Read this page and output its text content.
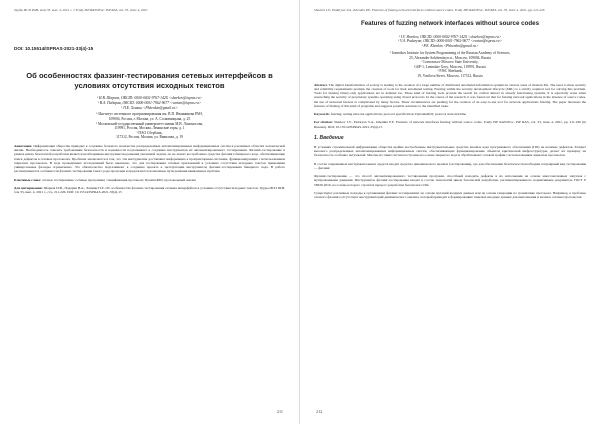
Труды ИСП РАН, том 33, вып. 4, 2021 г. // Trudy ISP RAN/Proc. ISP RAS, vol. 33, issue 4, 2021
DOI: 10.15514/ISPRAS-2021-33(4)-15
Об особенностях фаззинг-тестирования сетевых интерфейсов в условиях отсутствия исходных текстов
¹ И.В. Шарков, ORCID: 0000-0002-9767-142X <sharkov@ispras.ru>
¹ В.А. Падарян, ORCID: 0000-0001-7962-9677 <vartan@ispras.ru>
¹ П.Е. Хенкин <Phhenkin@gmail.ru>
¹ Институт системного программирования им. В.П. Иванникова РАН,
109004, Россия, г. Москва, ул. А. Солженицына, д. 25
² Московский государственный университет имени М.В. Ломоносова,
119991, Россия, Москва, Ленинские горы, д. 1
³ ПАО Сбербанк,
117312, Россия, Москва, ул. Вавилова, д. 19
Аннотация. Цифровизация общества приводит к созданию большого количества распределенных автоматизированных информационных систем в различных областях человеческой жизни. Необходимость отвечать требованиям безопасности и надежности подталкивает к созданию инструментов их автоматизированного тестирования. Фаззинг-тестирование в рамках цикла безопасной разработки является необходимым инструментом решения указанной задачи, но не может востребовано средства фаззинга бинарного кода, обеспечивающие поиск дефектов в сетевых протоколах. Проблема заключается в том, что эти инструменты доставляют информацию к проприетарным системам, функционирующих с использованием закрытых протоколов. В ходе проведённых исследований было выяснено, что для тестирования сетевых приложений в условиях отсутствия исходных текстов применимы универсальные фаззеры ограниченно. Это обязательство подталкивает к созданию проекта к эксплуатации инструментов фаззинг-тестирования бинарного кода. В работе рассматриваются особенности фаззинг-тестирования такого рода программ и предлагаются возможные пути решения выявленных проблем.
Ключевые слова: сетевое тестирование; сетевые программы; спецификация протокола; DynamoRIO; протокольный анализ
Для цитирования: Шарков И.В., Падарян В.А., Хенкин П.Е. Об особенностях фаззинг-тестирования сетевых интерфейсов в условиях отсутствия исходных текстов. Труды ИСП РАН, том 33, вып. 4, 2021 г., стр. 211-226. DOI: 10.15514/ISPRAS-2021-33(4)-15
211
Sharkov I.V., Padaryan V.A., Khenkin P.E. Features of fuzzing network interfaces without source codes. Trudy ISP RAN/Proc. ISP RAS, vol. 33, issue 4, 2021, pp. 211-226
Features of fuzzing network interfaces without source codes
¹ I.V. Sharkov, ORCID: 0000-0002-9767-142X <sharkov@ispras.ru>
¹ V.A. Padaryan, ORCID: 0000-0001-7962-9677 <vartan@ispras.ru>
¹ P.E. Khenkin <Phhenkin@gmail.ru>
¹ Ivannikov Institute for System Programming of the Russian Academy of Sciences,
25, Alexander Solzhenitsyn st., Moscow, 109004, Russia
² Lomonosov Moscow State University,
GSP-1, Leninskie Gory, Moscow, 119991, Russia
³ PJSC Sberbank,
19, Vavilova Street, Moscow, 117312, Russia
Abstract. The digital transformation of society is leading to the creation of a large number of distributed automated information systems in various areas of modern life. The need to meet security and reliability requirements prompts the creation of tools for their automated testing. Fuzzing within the security development lifecycle (SDL) is a strictly required tool for solving this problem. Tools for fuzzing binary-only applications are in demand too. These kind of fuzzing tools provide the search for critical defects in already functioning systems. It is especially acute when researching the security of proprietary systems operating using closed protocols. In the course of the research, it was found out that for fuzzing network applications in the absence of source codes, the use of universal fuzzers is complicated by many factors. These circumstances are pushing for the creation of an easy-to-use tool for network applications fuzzing. The paper discusses the features of fuzzing of this kind of programs and suggests possible solutions to the identified tasks.
Keywords: fuzzing; testing network applications; protocol specification; DynamoRIO; protocol state machine
For citation: Sharkov I.V., Padaryan V.A., Khenkin P.E. Features of network interfaces fuzzing without source codes. Trudy ISP RAN/Proc. ISP RAS, vol. 33, issue 4, 2021, pp. 211-226 (in Russian). DOI: 10.15514/ISPRAS-2021-33(4)-15
1. Введение
В условиях стремительной цифровизации общества крайне востребованы инструментальные средства анализа кода программного обеспечения (ПО) на наличие дефектов. Расцвет высокого распределенных автоматизированных информационных систем, обеспечивающих функционирование объектов критической инфраструктуры, делает их проверку на безопасность особенно актуальной. Многие из таких систем построены на основе закрытого кода и обрабатывают сетевой трафик с использованием закрытых протоколов.
В состав современных инструментальных средств входит средство динамического анализа (тестирования), где для обеспечения безопасности необходим популярный вид тестирования — фаззинг.
Фаззинг-тестирование — это способ автоматизированного тестирования программ, способный находить дефекты в их исполнении на основе многочисленных запусков с мутированными данными. Инструменты фаззинг-тестирования входят в состав технологий цикла безопасной разработки, регламентированного нормативным документом ГОСТ Р 56939-2016, на основе которого строится процесс разработки безопасного ПО.
Существуют различные подходы к организации фаззинг-тестирования: на основе мутаций входных данных или на основе генерации по грамматике протокола. Например, в проблеме сетевого фаззинга отсутствует инструментарий динамического анализа, который приводит к формированию тяжелых входных данных для выполнения и анализа сетевых протоколов.
212
